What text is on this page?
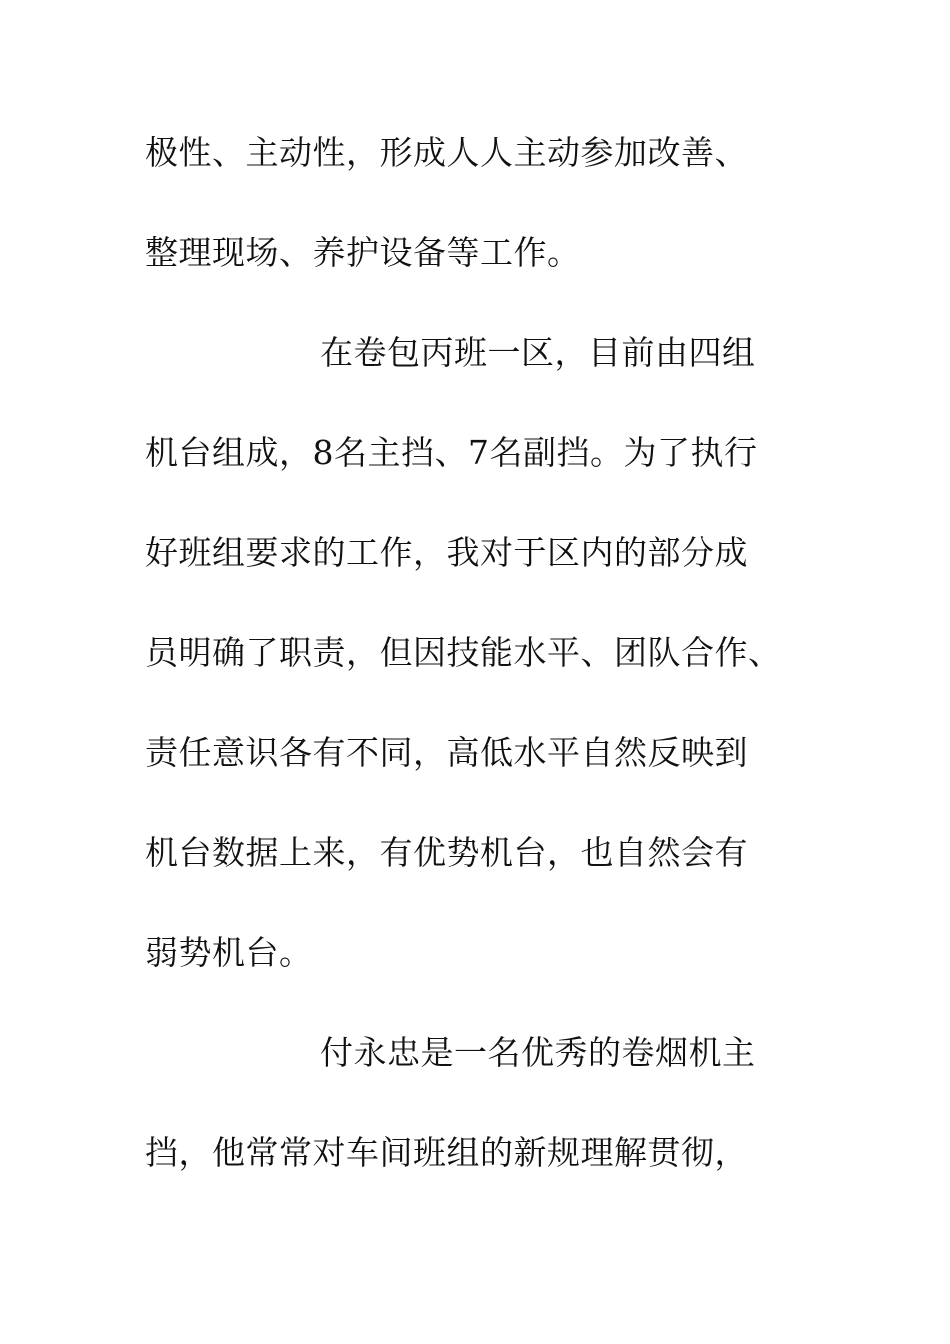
极性、主动性，形成人人主动参加改善、
整理现场、养护设备等工作。
在卷包丙班一区，目前由四组
机台组成，8名主挡、7名副挡。为了执行
好班组要求的工作，我对于区内的部分成
员明确了职责，但因技能水平、团队合作、
责任意识各有不同，高低水平自然反映到
机台数据上来，有优势机台，也自然会有
弱势机台。
付永忠是一名优秀的卷烟机主
挡，他常常对车间班组的新规理解贯彻，
